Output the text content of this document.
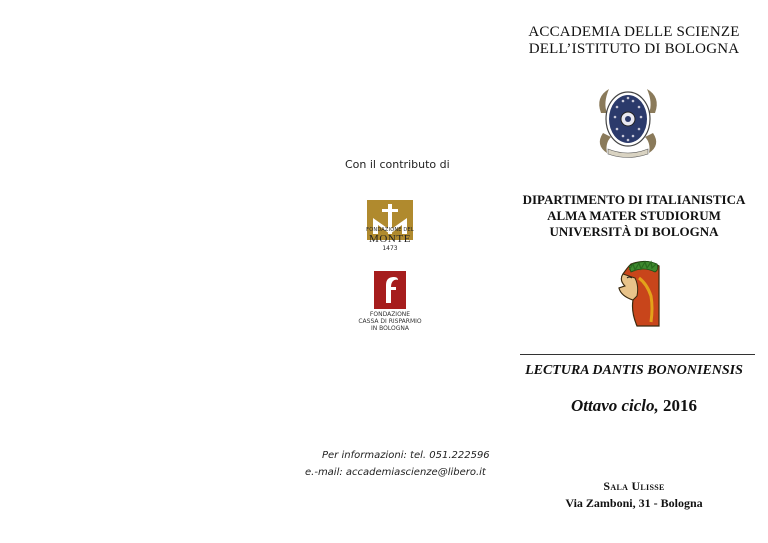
ACCADEMIA DELLE SCIENZE
DELL’ISTITUTO DI BOLOGNA
Con il contributo di
FONDAZIONE DEL
MONTE
1473
FONDAZIONE
CASSA DI RISPARMIO
IN BOLOGNA
DIPARTIMENTO DI ITALIANISTICA
ALMA MATER STUDIORUM
UNIVERSITÀ DI BOLOGNA
LECTURA DANTIS BONONIENSIS
Ottavo ciclo, 2016
Per informazioni: tel. 051.222596
e.-mail: accademiascienze@libero.it
Sala Ulisse
Via Zamboni, 31 - Bologna
